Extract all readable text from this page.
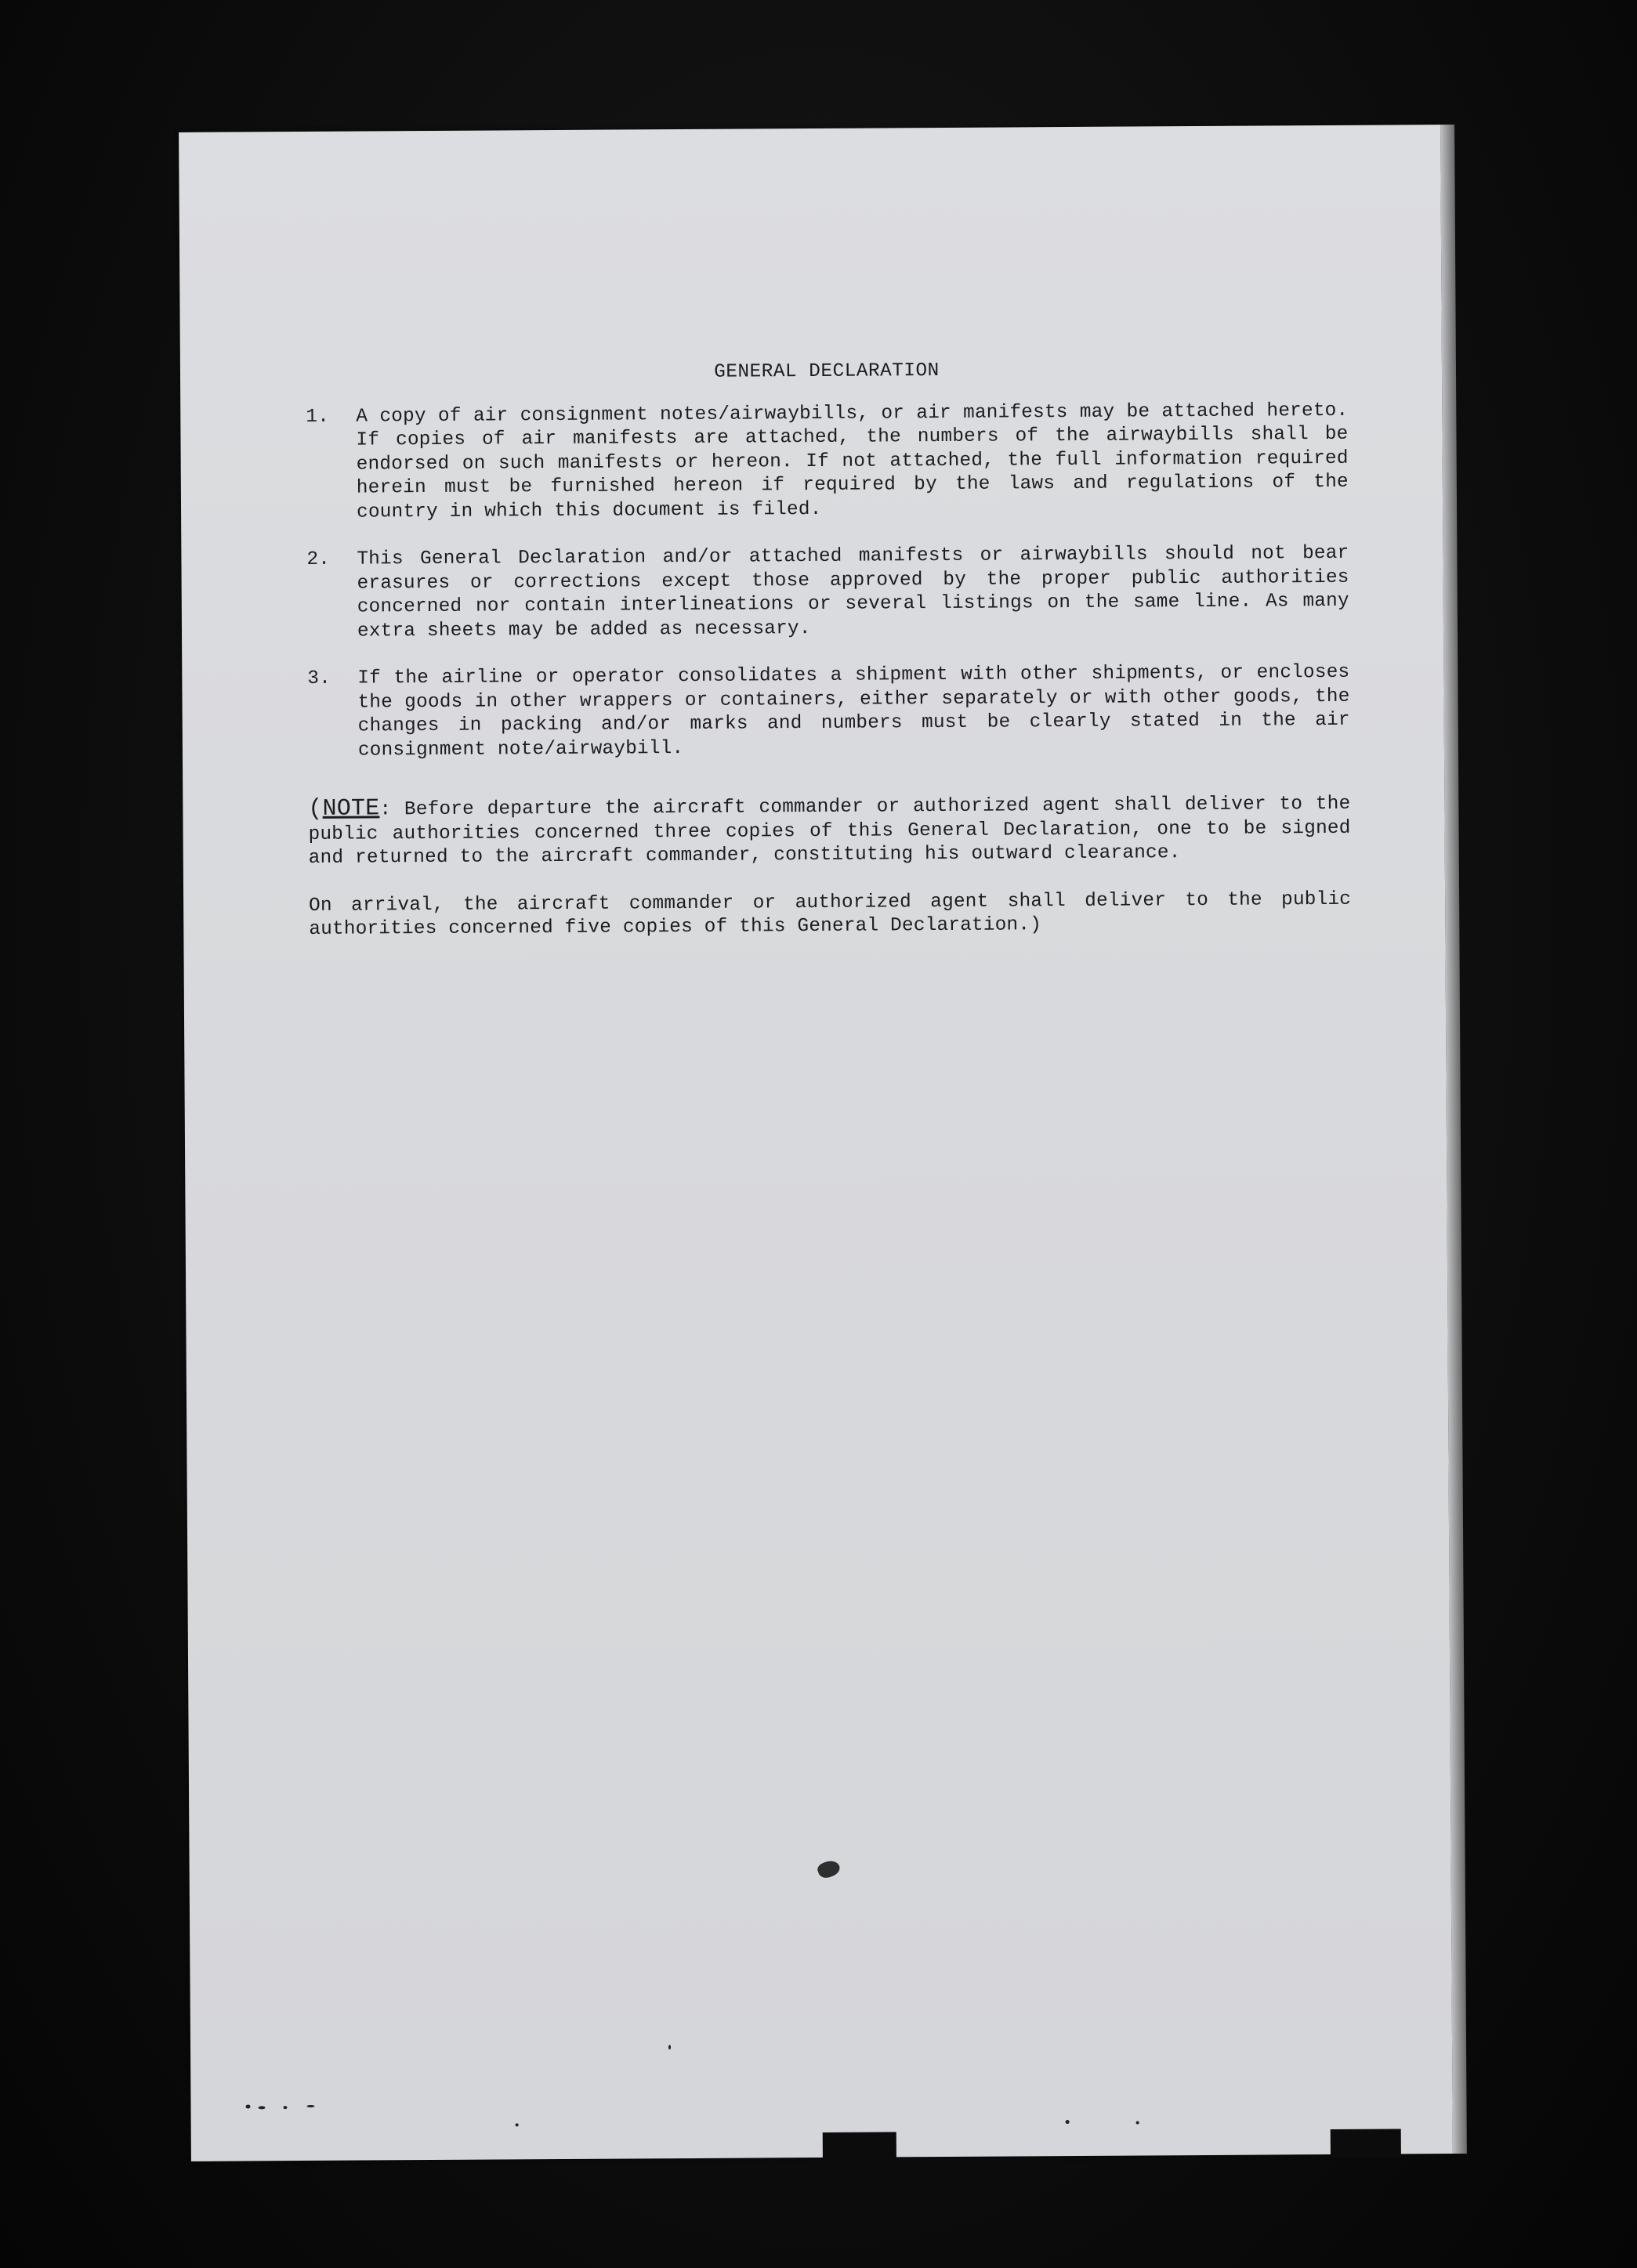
GENERAL DECLARATION
1.	A copy of air consignment notes/airwaybills, or air manifests may be attached hereto. If copies of air manifests are attached, the numbers of the airwaybills shall be endorsed on such manifests or hereon. If not attached, the full information required herein must be furnished hereon if required by the laws and regulations of the country in which this document is filed.
2.	This General Declaration and/or attached manifests or airwaybills should not bear erasures or corrections except those approved by the proper public authorities concerned nor contain interlineations or several listings on the same line. As many extra sheets may be added as necessary.
3.	If the airline or operator consolidates a shipment with other shipments, or encloses the goods in other wrappers or containers, either separately or with other goods, the changes in packing and/or marks and numbers must be clearly stated in the air consignment note/airwaybill.

(NOTE: Before departure the aircraft commander or authorized agent shall deliver to the public authorities concerned three copies of this General Declaration, one to be signed and returned to the aircraft commander, constituting his outward clearance.

On arrival, the aircraft commander or authorized agent shall deliver to the public authorities concerned five copies of this General Declaration.)
